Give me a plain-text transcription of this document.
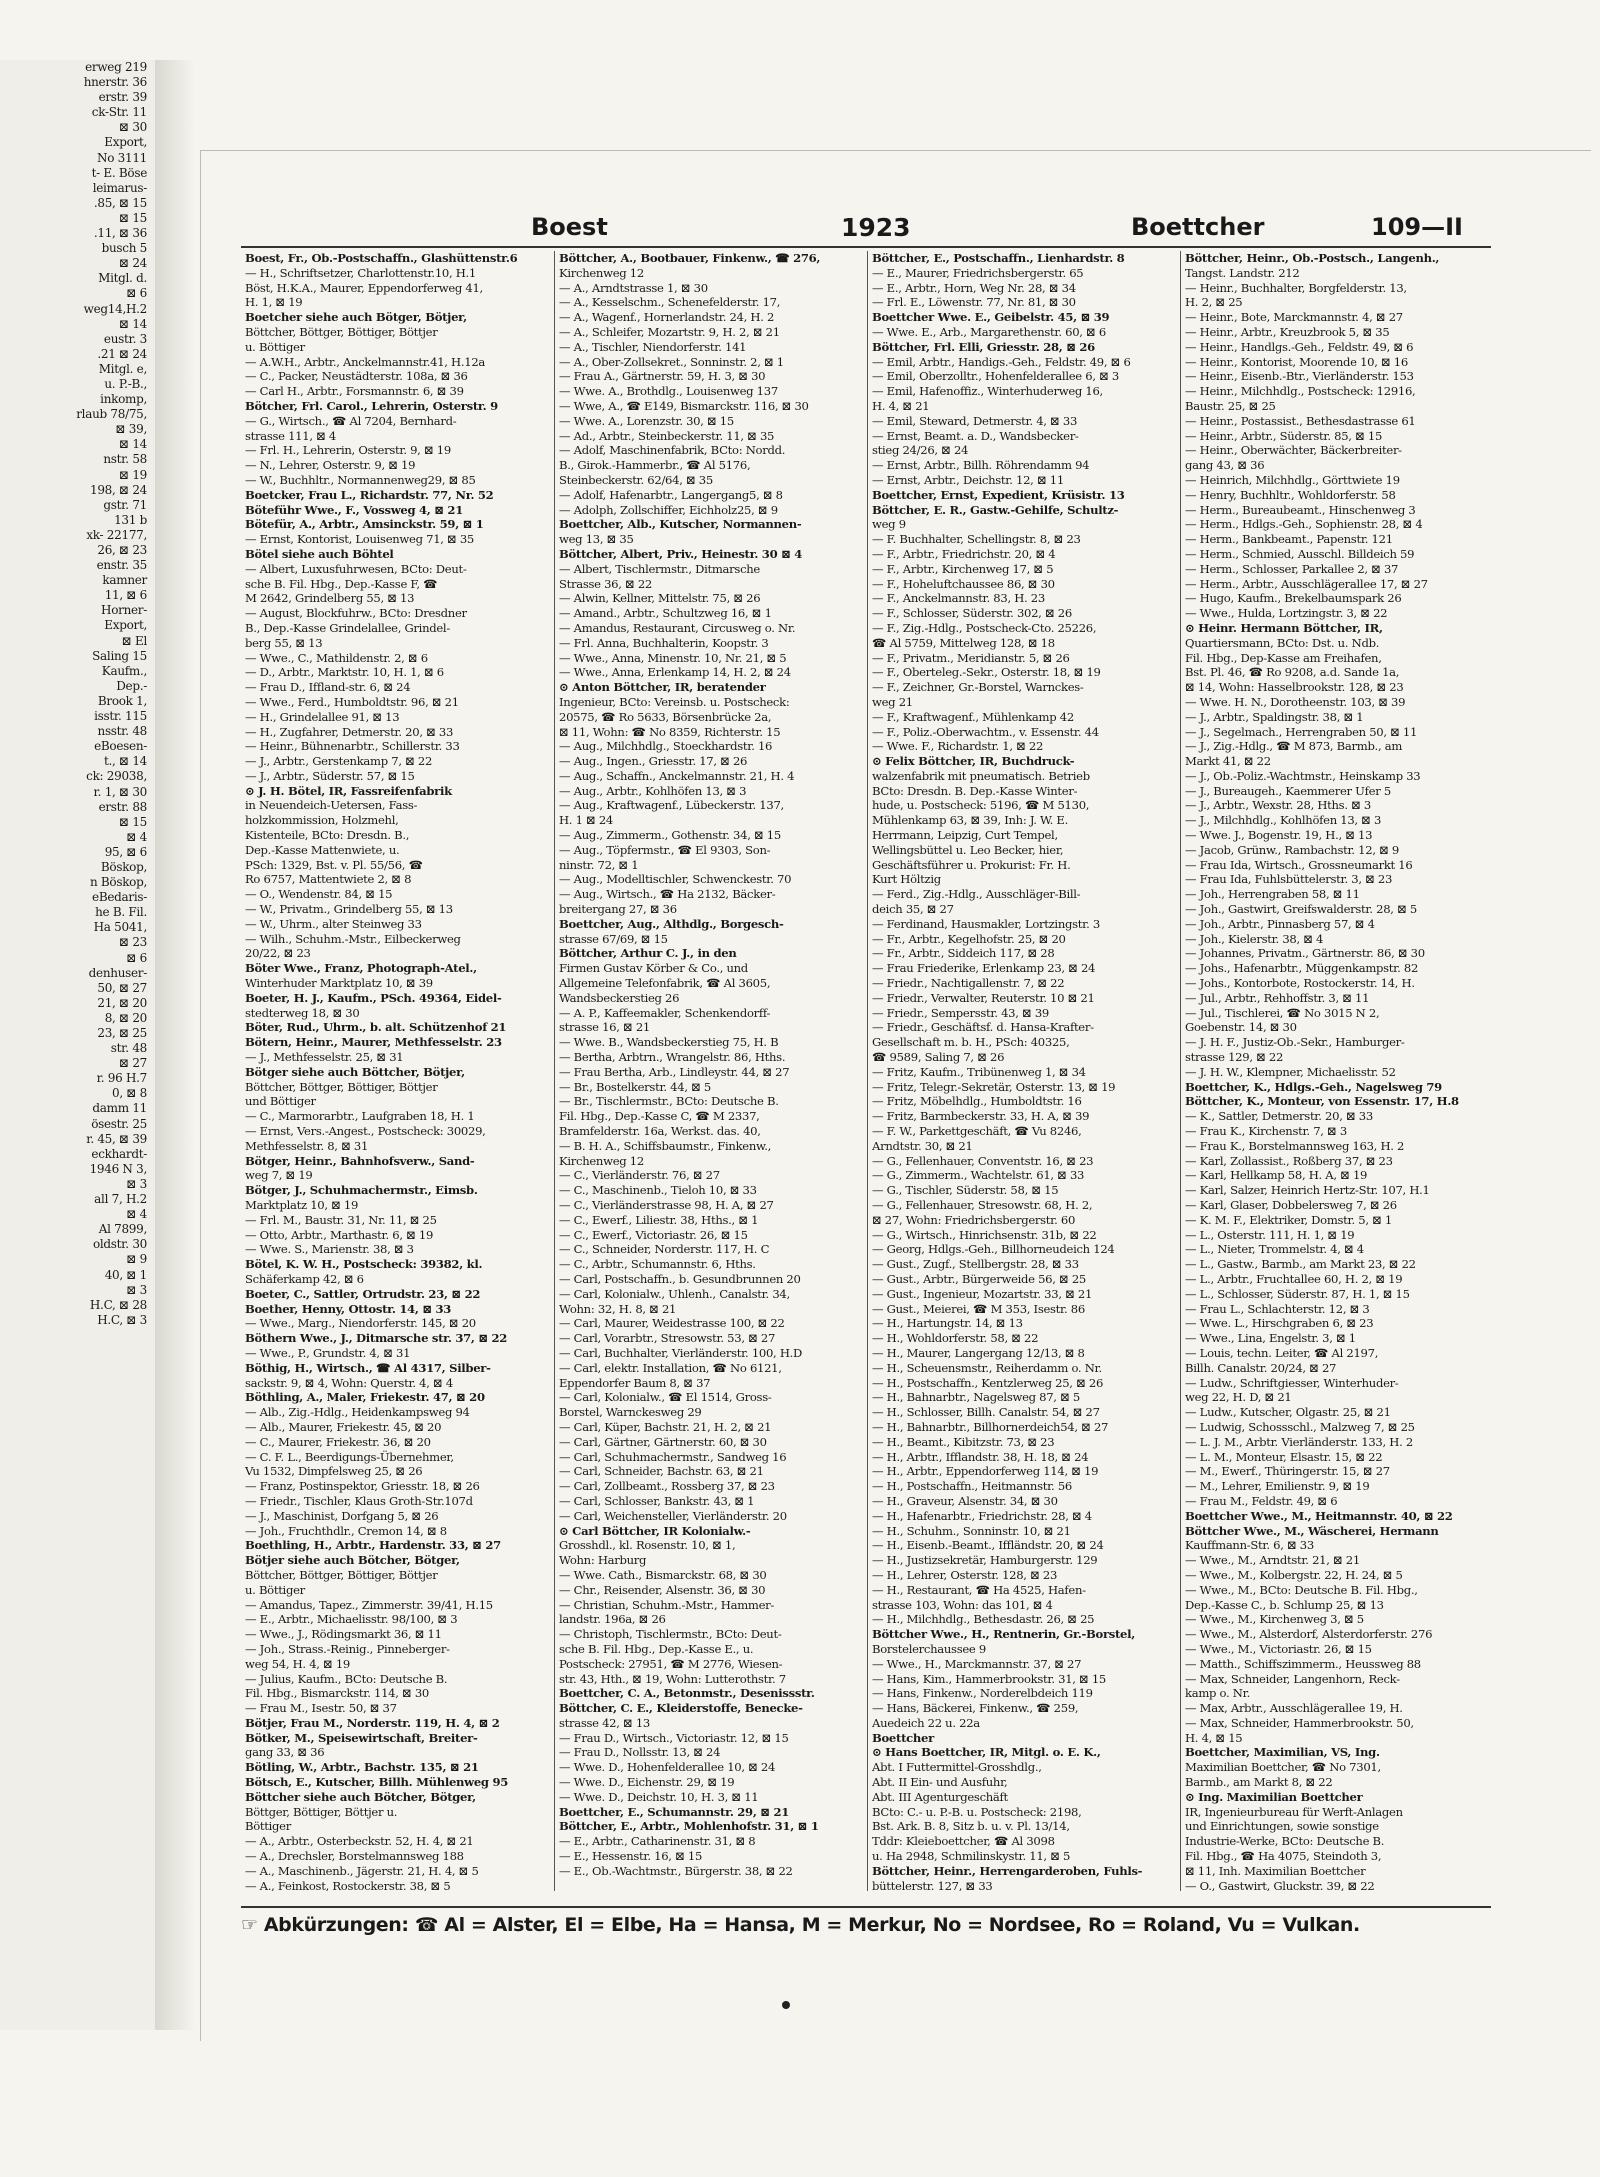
erweg 219
hnerstr. 36
erstr. 39
ck-Str. 11
⊠ 30
Export,
No 3111
t- E. Böse
leimarus-
.85, ⊠ 15
⊠ 15
.11, ⊠ 36
busch 5
⊠ 24
Mitgl. d.
⊠ 6
weg14,H.2
⊠ 14
eustr. 3
.21 ⊠ 24
Mitgl. e,
u. P.-B.,
inkomp,
rlaub 78/75,
⊠ 39,
⊠ 14
nstr. 58
⊠ 19
198, ⊠ 24
gstr. 71
131 b
xk- 22177,
26, ⊠ 23
enstr. 35
kamner
11, ⊠ 6
Horner-
Export,
⊠ El
Saling 15
Kaufm.,
Dep.-
Brook 1,
isstr. 115
nsstr. 48
eBoesen-
t., ⊠ 14
ck: 29038,
r. 1, ⊠ 30
erstr. 88
⊠ 15
⊠ 4
95, ⊠ 6
Böskop,
n Böskop,
eBedaris-
he B. Fil.
Ha 5041,
⊠ 23
⊠ 6
denhuser-
50, ⊠ 27
21, ⊠ 20
8, ⊠ 20
23, ⊠ 25
str. 48
⊠ 27
r. 96 H.7
0, ⊠ 8
damm 11
ösestr. 25
r. 45, ⊠ 39
eckhardt-
1946 N 3,
⊠ 3
all 7, H.2
⊠ 4
Al 7899,
oldstr. 30
⊠ 9
40, ⊠ 1
⊠ 3
H.C, ⊠ 28
H.C, ⊠ 3
Boest	1923	Boettcher	109—II
Boest, Fr., Ob.-Postschaffn., Glashüttenstr.6
— H., Schriftsetzer, Charlottenstr.10, H.1
Böst, H.K.A., Maurer, Eppendorferweg 41,
H. 1, ⊠ 19
Boetcher siehe auch Bötger, Bötjer,
Böttcher, Böttger, Böttiger, Böttjer
u. Böttiger
— A.W.H., Arbtr., Anckelmannstr.41, H.12a
— C., Packer, Neustädterstr. 108a, ⊠ 36
— Carl H., Arbtr., Forsmannstr. 6, ⊠ 39
Bötcher, Frl. Carol., Lehrerin, Osterstr. 9
— G., Wirtsch., ☎ Al 7204, Bernhard-
strasse 111, ⊠ 4
— Frl. H., Lehrerin, Osterstr. 9, ⊠ 19
— N., Lehrer, Osterstr. 9, ⊠ 19
— W., Buchhltr., Normannenweg29, ⊠ 85
Boetcker, Frau L., Richardstr. 77, Nr. 52
Böteführ Wwe., F., Vossweg 4, ⊠ 21
Bötefür, A., Arbtr., Amsinckstr. 59, ⊠ 1
— Ernst, Kontorist, Louisenweg 71, ⊠ 35
Bötel siehe auch Böhtel
— Albert, Luxusfuhrwesen, BCto: Deut-
sche B. Fil. Hbg., Dep.-Kasse F, ☎
M 2642, Grindelberg 55, ⊠ 13
— August, Blockfuhrw., BCto: Dresdner
B., Dep.-Kasse Grindelallee, Grindel-
berg 55, ⊠ 13
— Wwe., C., Mathildenstr. 2, ⊠ 6
— D., Arbtr., Marktstr. 10, H. 1, ⊠ 6
— Frau D., Iffland-str. 6, ⊠ 24
— Wwe., Ferd., Humboldtstr. 96, ⊠ 21
— H., Grindelallee 91, ⊠ 13
— H., Zugfahrer, Detmerstr. 20, ⊠ 33
— Heinr., Bühnenarbtr., Schillerstr. 33
— J., Arbtr., Gerstenkamp 7, ⊠ 22
— J., Arbtr., Süderstr. 57, ⊠ 15
⊙ J. H. Bötel, IR, Fassreifenfabrik
in Neuendeich-Uetersen, Fass-
holzkommission, Holzmehl,
Kistenteile, BCto: Dresdn. B.,
Dep.-Kasse Mattenwiete, u.
PSch: 1329, Bst. v. Pl. 55/56, ☎
Ro 6757, Mattentwiete 2, ⊠ 8
— O., Wendenstr. 84, ⊠ 15
— W., Privatm., Grindelberg 55, ⊠ 13
— W., Uhrm., alter Steinweg 33
— Wilh., Schuhm.-Mstr., Eilbeckerweg
20/22, ⊠ 23
Böter Wwe., Franz, Photograph-Atel.,
Winterhuder Marktplatz 10, ⊠ 39
Boeter, H. J., Kaufm., PSch. 49364, Eidel-
stedterweg 18, ⊠ 30
Böter, Rud., Uhrm., b. alt. Schützenhof 21
Bötern, Heinr., Maurer, Methfesselstr. 23
— J., Methfesselstr. 25, ⊠ 31
Bötger siehe auch Böttcher, Bötjer,
Böttcher, Böttger, Böttiger, Böttjer
und Böttiger
— C., Marmorarbtr., Laufgraben 18, H. 1
— Ernst, Vers.-Angest., Postscheck: 30029,
Methfesselstr. 8, ⊠ 31
Bötger, Heinr., Bahnhofsverw., Sand-
weg 7, ⊠ 19
Bötger, J., Schuhmachermstr., Eimsb.
Marktplatz 10, ⊠ 19
— Frl. M., Baustr. 31, Nr. 11, ⊠ 25
— Otto, Arbtr., Marthastr. 6, ⊠ 19
— Wwe. S., Marienstr. 38, ⊠ 3
Bötel, K. W. H., Postscheck: 39382, kl.
Schäferkamp 42, ⊠ 6
Boeter, C., Sattler, Ortrudstr. 23, ⊠ 22
Boether, Henny, Ottostr. 14, ⊠ 33
— Wwe., Marg., Niendorferstr. 145, ⊠ 20
Böthern Wwe., J., Ditmarsche str. 37, ⊠ 22
— Wwe., P., Grundstr. 4, ⊠ 31
Böthig, H., Wirtsch., ☎ Al 4317, Silber-
sackstr. 9, ⊠ 4, Wohn: Querstr. 4, ⊠ 4
Böthling, A., Maler, Friekestr. 47, ⊠ 20
— Alb., Zig.-Hdlg., Heidenkampsweg 94
— Alb., Maurer, Friekestr. 45, ⊠ 20
— C., Maurer, Friekestr. 36, ⊠ 20
— C. F. L., Beerdigungs-Übernehmer,
Vu 1532, Dimpfelsweg 25, ⊠ 26
— Franz, Postinspektor, Griesstr. 18, ⊠ 26
— Friedr., Tischler, Klaus Groth-Str.107d
— J., Maschinist, Dorfgang 5, ⊠ 26
— Joh., Fruchthdlr., Cremon 14, ⊠ 8
Boethling, H., Arbtr., Hardenstr. 33, ⊠ 27
Bötjer siehe auch Bötcher, Bötger,
Böttcher, Böttger, Böttiger, Böttjer
u. Böttiger
— Amandus, Tapez., Zimmerstr. 39/41, H.15
— E., Arbtr., Michaelisstr. 98/100, ⊠ 3
— Wwe., J., Rödingsmarkt 36, ⊠ 11
— Joh., Strass.-Reinig., Pinneberger-
weg 54, H. 4, ⊠ 19
— Julius, Kaufm., BCto: Deutsche B.
Fil. Hbg., Bismarckstr. 114, ⊠ 30
— Frau M., Isestr. 50, ⊠ 37
Bötjer, Frau M., Norderstr. 119, H. 4, ⊠ 2
Bötker, M., Speisewirtschaft, Breiter-
gang 33, ⊠ 36
Bötling, W., Arbtr., Bachstr. 135, ⊠ 21
Bötsch, E., Kutscher, Billh. Mühlenweg 95
Böttcher siehe auch Bötcher, Bötger,
Böttger, Böttiger, Böttjer u.
Böttiger
— A., Arbtr., Osterbeckstr. 52, H. 4, ⊠ 21
— A., Drechsler, Borstelmannsweg 188
— A., Maschinenb., Jägerstr. 21, H. 4, ⊠ 5
— A., Feinkost, Rostockerstr. 38, ⊠ 5
Böttcher, A., Bootbauer, Finkenw., ☎ 276,
Kirchenweg 12
— A., Arndtstrasse 1, ⊠ 30
— A., Kesselschm., Schenefelderstr. 17,
— A., Wagenf., Hornerlandstr. 24, H. 2
— A., Schleifer, Mozartstr. 9, H. 2, ⊠ 21
— A., Tischler, Niendorferstr. 141
— A., Ober-Zollsekret., Sonninstr. 2, ⊠ 1
— Frau A., Gärtnerstr. 59, H. 3, ⊠ 30
— Wwe. A., Brothdlg., Louisenweg 137
— Wwe, A., ☎ E149, Bismarckstr. 116, ⊠ 30
— Wwe. A., Lorenzstr. 30, ⊠ 15
— Ad., Arbtr., Steinbeckerstr. 11, ⊠ 35
— Adolf, Maschinenfabrik, BCto: Nordd.
B., Girok.-Hammerbr., ☎ Al 5176,
Steinbeckerstr. 62/64, ⊠ 35
— Adolf, Hafenarbtr., Langergang5, ⊠ 8
— Adolph, Zollschiffer, Eichholz25, ⊠ 9
Boettcher, Alb., Kutscher, Normannen-
weg 13, ⊠ 35
Böttcher, Albert, Priv., Heinestr. 30 ⊠ 4
— Albert, Tischlermstr., Ditmarsche
Strasse 36, ⊠ 22
— Alwin, Kellner, Mittelstr. 75, ⊠ 26
— Amand., Arbtr., Schultzweg 16, ⊠ 1
— Amandus, Restaurant, Circusweg o. Nr.
— Frl. Anna, Buchhalterin, Koopstr. 3
— Wwe., Anna, Minenstr. 10, Nr. 21, ⊠ 5
— Wwe., Anna, Erlenkamp 14, H. 2, ⊠ 24
⊙ Anton Böttcher, IR, beratender
Ingenieur, BCto: Vereinsb. u. Postscheck:
20575, ☎ Ro 5633, Börsenbrücke 2a,
⊠ 11, Wohn: ☎ No 8359, Richterstr. 15
— Aug., Milchhdlg., Stoeckhardstr. 16
— Aug., Ingen., Griesstr. 17, ⊠ 26
— Aug., Schaffn., Anckelmannstr. 21, H. 4
— Aug., Arbtr., Kohlhöfen 13, ⊠ 3
— Aug., Kraftwagenf., Lübeckerstr. 137,
H. 1 ⊠ 24
— Aug., Zimmerm., Gothenstr. 34, ⊠ 15
— Aug., Töpfermstr., ☎ El 9303, Son-
ninstr. 72, ⊠ 1
— Aug., Modelltischler, Schwenckestr. 70
— Aug., Wirtsch., ☎ Ha 2132, Bäcker-
breitergang 27, ⊠ 36
Boettcher, Aug., Althdlg., Borgesch-
strasse 67/69, ⊠ 15
Böttcher, Arthur C. J., in den
Firmen Gustav Körber & Co., und
Allgemeine Telefonfabrik, ☎ Al 3605,
Wandsbeckerstieg 26
— A. P., Kaffeemakler, Schenkendorff-
strasse 16, ⊠ 21
— Wwe. B., Wandsbeckerstieg 75, H. B
— Bertha, Arbtrn., Wrangelstr. 86, Hths.
— Frau Bertha, Arb., Lindleystr. 44, ⊠ 27
— Br., Bostelkerstr. 44, ⊠ 5
— Br., Tischlermstr., BCto: Deutsche B.
Fil. Hbg., Dep.-Kasse C, ☎ M 2337,
Bramfelderstr. 16a, Werkst. das. 40,
— B. H. A., Schiffsbaumstr., Finkenw.,
Kirchenweg 12
— C., Vierländerstr. 76, ⊠ 27
— C., Maschinenb., Tieloh 10, ⊠ 33
— C., Vierländerstrasse 98, H. A, ⊠ 27
— C., Ewerf., Liliestr. 38, Hths., ⊠ 1
— C., Ewerf., Victoriastr. 26, ⊠ 15
— C., Schneider, Norderstr. 117, H. C
— C., Arbtr., Schumannstr. 6, Hths.
— Carl, Postschaffn., b. Gesundbrunnen 20
— Carl, Kolonialw., Uhlenh., Canalstr. 34,
Wohn: 32, H. 8, ⊠ 21
— Carl, Maurer, Weidestrasse 100, ⊠ 22
— Carl, Vorarbtr., Stresowstr. 53, ⊠ 27
— Carl, Buchhalter, Vierländerstr. 100, H.D
— Carl, elektr. Installation, ☎ No 6121,
Eppendorfer Baum 8, ⊠ 37
— Carl, Kolonialw., ☎ El 1514, Gross-
Borstel, Warnckesweg 29
— Carl, Küper, Bachstr. 21, H. 2, ⊠ 21
— Carl, Gärtner, Gärtnerstr. 60, ⊠ 30
— Carl, Schuhmachermstr., Sandweg 16
— Carl, Schneider, Bachstr. 63, ⊠ 21
— Carl, Zollbeamt., Rossberg 37, ⊠ 23
— Carl, Schlosser, Bankstr. 43, ⊠ 1
— Carl, Weichensteller, Vierländerstr. 20
⊙ Carl Böttcher, IR Kolonialw.-
Grosshdl., kl. Rosenstr. 10, ⊠ 1,
Wohn: Harburg
— Wwe. Cath., Bismarckstr. 68, ⊠ 30
— Chr., Reisender, Alsenstr. 36, ⊠ 30
— Christian, Schuhm.-Mstr., Hammer-
landstr. 196a, ⊠ 26
— Christoph, Tischlermstr., BCto: Deut-
sche B. Fil. Hbg., Dep.-Kasse E., u.
Postscheck: 27951, ☎ M 2776, Wiesen-
str. 43, Hth., ⊠ 19, Wohn: Lutterothstr. 7
Boettcher, C. A., Betonmstr., Desenissstr.
Böttcher, C. E., Kleiderstoffe, Benecke-
strasse 42, ⊠ 13
— Frau D., Wirtsch., Victoriastr. 12, ⊠ 15
— Frau D., Nollsstr. 13, ⊠ 24
— Wwe. D., Hohenfelderallee 10, ⊠ 24
— Wwe. D., Eichenstr. 29, ⊠ 19
— Wwe. D., Deichstr. 10, H. 3, ⊠ 11
Boettcher, E., Schumannstr. 29, ⊠ 21
Böttcher, E., Arbtr., Mohlenhofstr. 31, ⊠ 1
— E., Arbtr., Catharinenstr. 31, ⊠ 8
— E., Hessenstr. 16, ⊠ 15
— E., Ob.-Wachtmstr., Bürgerstr. 38, ⊠ 22
Böttcher, E., Postschaffn., Lienhardstr. 8
— E., Maurer, Friedrichsbergerstr. 65
— E., Arbtr., Horn, Weg Nr. 28, ⊠ 34
— Frl. E., Löwenstr. 77, Nr. 81, ⊠ 30
Boettcher Wwe. E., Geibelstr. 45, ⊠ 39
— Wwe. E., Arb., Margarethenstr. 60, ⊠ 6
Böttcher, Frl. Elli, Griesstr. 28, ⊠ 26
— Emil, Arbtr., Handigs.-Geh., Feldstr. 49, ⊠ 6
— Emil, Oberzolltr., Hohenfelderallee 6, ⊠ 3
— Emil, Hafenoffiz., Winterhuderweg 16,
H. 4, ⊠ 21
— Emil, Steward, Detmerstr. 4, ⊠ 33
— Ernst, Beamt. a. D., Wandsbecker-
stieg 24/26, ⊠ 24
— Ernst, Arbtr., Billh. Röhrendamm 94
— Ernst, Arbtr., Deichstr. 12, ⊠ 11
Boettcher, Ernst, Expedient, Krüsistr. 13
Böttcher, E. R., Gastw.-Gehilfe, Schultz-
weg 9
— F. Buchhalter, Schellingstr. 8, ⊠ 23
— F., Arbtr., Friedrichstr. 20, ⊠ 4
— F., Arbtr., Kirchenweg 17, ⊠ 5
— F., Hoheluftchaussee 86, ⊠ 30
— F., Anckelmannstr. 83, H. 23
— F., Schlosser, Süderstr. 302, ⊠ 26
— F., Zig.-Hdlg., Postscheck-Cto. 25226,
☎ Al 5759, Mittelweg 128, ⊠ 18
— F., Privatm., Meridianstr. 5, ⊠ 26
— F., Oberteleg.-Sekr., Osterstr. 18, ⊠ 19
— F., Zeichner, Gr.-Borstel, Warnckes-
weg 21
— F., Kraftwagenf., Mühlenkamp 42
— F., Poliz.-Oberwachtm., v. Essenstr. 44
— Wwe. F., Richardstr. 1, ⊠ 22
⊙ Felix Böttcher, IR, Buchdruck-
walzenfabrik mit pneumatisch. Betrieb
BCto: Dresdn. B. Dep.-Kasse Winter-
hude, u. Postscheck: 5196, ☎ M 5130,
Mühlenkamp 63, ⊠ 39, Inh: J. W. E.
Herrmann, Leipzig, Curt Tempel,
Wellingsbüttel u. Leo Becker, hier,
Geschäftsführer u. Prokurist: Fr. H.
Kurt Höltzig
— Ferd., Zig.-Hdlg., Ausschläger-Bill-
deich 35, ⊠ 27
— Ferdinand, Hausmakler, Lortzingstr. 3
— Fr., Arbtr., Kegelhofstr. 25, ⊠ 20
— Fr., Arbtr., Siddeich 117, ⊠ 28
— Frau Friederike, Erlenkamp 23, ⊠ 24
— Friedr., Nachtigallenstr. 7, ⊠ 22
— Friedr., Verwalter, Reuterstr. 10 ⊠ 21
— Friedr., Sempersstr. 43, ⊠ 39
— Friedr., Geschäftsf. d. Hansa-Krafter-
Gesellschaft m. b. H., PSch: 40325,
☎ 9589, Saling 7, ⊠ 26
— Fritz, Kaufm., Tribünenweg 1, ⊠ 34
— Fritz, Telegr.-Sekretär, Osterstr. 13, ⊠ 19
— Fritz, Möbelhdlg., Humboldtstr. 16
— Fritz, Barmbeckerstr. 33, H. A, ⊠ 39
— F. W., Parkettgeschäft, ☎ Vu 8246,
Arndtstr. 30, ⊠ 21
— G., Fellenhauer, Conventstr. 16, ⊠ 23
— G., Zimmerm., Wachtelstr. 61, ⊠ 33
— G., Tischler, Süderstr. 58, ⊠ 15
— G., Fellenhauer, Stresowstr. 68, H. 2,
⊠ 27, Wohn: Friedrichsbergerstr. 60
— G., Wirtsch., Hinrichsenstr. 31b, ⊠ 22
— Georg, Hdlgs.-Geh., Billhorneudeich 124
— Gust., Zugf., Stellbergstr. 28, ⊠ 33
— Gust., Arbtr., Bürgerweide 56, ⊠ 25
— Gust., Ingenieur, Mozartstr. 33, ⊠ 21
— Gust., Meierei, ☎ M 353, Isestr. 86
— H., Hartungstr. 14, ⊠ 13
— H., Wohldorferstr. 58, ⊠ 22
— H., Maurer, Langergang 12/13, ⊠ 8
— H., Scheuensmstr., Reiherdamm o. Nr.
— H., Postschaffn., Kentzlerweg 25, ⊠ 26
— H., Bahnarbtr., Nagelsweg 87, ⊠ 5
— H., Schlosser, Billh. Canalstr. 54, ⊠ 27
— H., Bahnarbtr., Billhornerdeich54, ⊠ 27
— H., Beamt., Kibitzstr. 73, ⊠ 23
— H., Arbtr., Ifflandstr. 38, H. 18, ⊠ 24
— H., Arbtr., Eppendorferweg 114, ⊠ 19
— H., Postschaffn., Heitmannstr. 56
— H., Graveur, Alsenstr. 34, ⊠ 30
— H., Hafenarbtr., Friedrichstr. 28, ⊠ 4
— H., Schuhm., Sonninstr. 10, ⊠ 21
— H., Eisenb.-Beamt., Iffländstr. 20, ⊠ 24
— H., Justizsekretär, Hamburgerstr. 129
— H., Lehrer, Osterstr. 128, ⊠ 23
— H., Restaurant, ☎ Ha 4525, Hafen-
strasse 103, Wohn: das 101, ⊠ 4
— H., Milchhdlg., Bethesdastr. 26, ⊠ 25
Böttcher Wwe., H., Rentnerin, Gr.-Borstel,
Borstelerchaussee 9
— Wwe., H., Marckmannstr. 37, ⊠ 27
— Hans, Kim., Hammerbrookstr. 31, ⊠ 15
— Hans, Finkenw., Norderelbdeich 119
— Hans, Bäckerei, Finkenw., ☎ 259,
Auedeich 22 u. 22a
Boettcher
⊙ Hans Boettcher, IR, Mitgl. o. E. K.,
Abt. I Futtermittel-Grosshdlg.,
Abt. II Ein- und Ausfuhr,
Abt. III Agenturgeschäft
BCto: C.- u. P.-B. u. Postscheck: 2198,
Bst. Ark. B. 8, Sitz b. u. v. Pl. 13/14,
Tddr: Kleieboettcher, ☎ Al 3098
u. Ha 2948, Schmilinskystr. 11, ⊠ 5
Böttcher, Heinr., Herrengarderoben, Fuhls-
büttelerstr. 127, ⊠ 33
Böttcher, Heinr., Ob.-Postsch., Langenh.,
Tangst. Landstr. 212
— Heinr., Buchhalter, Borgfelderstr. 13,
H. 2, ⊠ 25
— Heinr., Bote, Marckmannstr. 4, ⊠ 27
— Heinr., Arbtr., Kreuzbrook 5, ⊠ 35
— Heinr., Handlgs.-Geh., Feldstr. 49, ⊠ 6
— Heinr., Kontorist, Moorende 10, ⊠ 16
— Heinr., Eisenb.-Btr., Vierländerstr. 153
— Heinr., Milchhdlg., Postscheck: 12916,
Baustr. 25, ⊠ 25
— Heinr., Postassist., Bethesdastrasse 61
— Heinr., Arbtr., Süderstr. 85, ⊠ 15
— Heinr., Oberwächter, Bäckerbreiter-
gang 43, ⊠ 36
— Heinrich, Milchhdlg., Görttwiete 19
— Henry, Buchhltr., Wohldorferstr. 58
— Herm., Bureaubeamt., Hinschenweg 3
— Herm., Hdlgs.-Geh., Sophienstr. 28, ⊠ 4
— Herm., Bankbeamt., Papenstr. 121
— Herm., Schmied, Ausschl. Billdeich 59
— Herm., Schlosser, Parkallee 2, ⊠ 37
— Herm., Arbtr., Ausschlägerallee 17, ⊠ 27
— Hugo, Kaufm., Brekelbaumspark 26
— Wwe., Hulda, Lortzingstr. 3, ⊠ 22
⊙ Heinr. Hermann Böttcher, IR,
Quartiersmann, BCto: Dst. u. Ndb.
Fil. Hbg., Dep-Kasse am Freihafen,
Bst. Pl. 46, ☎ Ro 9208, a.d. Sande 1a,
⊠ 14, Wohn: Hasselbrookstr. 128, ⊠ 23
— Wwe. H. N., Dorotheenstr. 103, ⊠ 39
— J., Arbtr., Spaldingstr. 38, ⊠ 1
— J., Segelmach., Herrengraben 50, ⊠ 11
— J., Zig.-Hdlg., ☎ M 873, Barmb., am
Markt 41, ⊠ 22
— J., Ob.-Poliz.-Wachtmstr., Heinskamp 33
— J., Bureaugeh., Kaemmerer Ufer 5
— J., Arbtr., Wexstr. 28, Hths. ⊠ 3
— J., Milchhdlg., Kohlhöfen 13, ⊠ 3
— Wwe. J., Bogenstr. 19, H., ⊠ 13
— Jacob, Grünw., Rambachstr. 12, ⊠ 9
— Frau Ida, Wirtsch., Grossneumarkt 16
— Frau Ida, Fuhlsbüttelerstr. 3, ⊠ 23
— Joh., Herrengraben 58, ⊠ 11
— Joh., Gastwirt, Greifswalderstr. 28, ⊠ 5
— Joh., Arbtr., Pinnasberg 57, ⊠ 4
— Joh., Kielerstr. 38, ⊠ 4
— Johannes, Privatm., Gärtnerstr. 86, ⊠ 30
— Johs., Hafenarbtr., Müggenkampstr. 82
— Johs., Kontorbote, Rostockerstr. 14, H.
— Jul., Arbtr., Rehhoffstr. 3, ⊠ 11
— Jul., Tischlerei, ☎ No 3015 N 2,
Goebenstr. 14, ⊠ 30
— J. H. F., Justiz-Ob.-Sekr., Hamburger-
strasse 129, ⊠ 22
— J. H. W., Klempner, Michaelisstr. 52
Boettcher, K., Hdlgs.-Geh., Nagelsweg 79
Böttcher, K., Monteur, von Essenstr. 17, H.8
— K., Sattler, Detmerstr. 20, ⊠ 33
— Frau K., Kirchenstr. 7, ⊠ 3
— Frau K., Borstelmannsweg 163, H. 2
— Karl, Zollassist., Roßberg 37, ⊠ 23
— Karl, Hellkamp 58, H. A, ⊠ 19
— Karl, Salzer, Heinrich Hertz-Str. 107, H.1
— Karl, Glaser, Dobbelersweg 7, ⊠ 26
— K. M. F., Elektriker, Domstr. 5, ⊠ 1
— L., Osterstr. 111, H. 1, ⊠ 19
— L., Nieter, Trommelstr. 4, ⊠ 4
— L., Gastw., Barmb., am Markt 23, ⊠ 22
— L., Arbtr., Fruchtallee 60, H. 2, ⊠ 19
— L., Schlosser, Süderstr. 87, H. 1, ⊠ 15
— Frau L., Schlachterstr. 12, ⊠ 3
— Wwe. L., Hirschgraben 6, ⊠ 23
— Wwe., Lina, Engelstr. 3, ⊠ 1
— Louis, techn. Leiter, ☎ Al 2197,
Billh. Canalstr. 20/24, ⊠ 27
— Ludw., Schriftgiesser, Winterhuder-
weg 22, H. D, ⊠ 21
— Ludw., Kutscher, Olgastr. 25, ⊠ 21
— Ludwig, Schossschl., Malzweg 7, ⊠ 25
— L. J. M., Arbtr. Vierländerstr. 133, H. 2
— L. M., Monteur, Elsastr. 15, ⊠ 22
— M., Ewerf., Thüringerstr. 15, ⊠ 27
— M., Lehrer, Emilienstr. 9, ⊠ 19
— Frau M., Feldstr. 49, ⊠ 6
Boettcher Wwe., M., Heitmannstr. 40, ⊠ 22
Böttcher Wwe., M., Wäscherei, Hermann
Kauffmann-Str. 6, ⊠ 33
— Wwe., M., Arndtstr. 21, ⊠ 21
— Wwe., M., Kolbergstr. 22, H. 24, ⊠ 5
— Wwe., M., BCto: Deutsche B. Fil. Hbg.,
Dep.-Kasse C., b. Schlump 25, ⊠ 13
— Wwe., M., Kirchenweg 3, ⊠ 5
— Wwe., M., Alsterdorf, Alsterdorferstr. 276
— Wwe., M., Victoriastr. 26, ⊠ 15
— Matth., Schiffszimmerm., Heussweg 88
— Max, Schneider, Langenhorn, Reck-
kamp o. Nr.
— Max, Arbtr., Ausschlägerallee 19, H.
— Max, Schneider, Hammerbrookstr. 50,
H. 4, ⊠ 15
Boettcher, Maximilian, VS, Ing.
Maximilian Boettcher, ☎ No 7301,
Barmb., am Markt 8, ⊠ 22
⊙ Ing. Maximilian Boettcher
IR, Ingenieurbureau für Werft-Anlagen
und Einrichtungen, sowie sonstige
Industrie-Werke, BCto: Deutsche B.
Fil. Hbg., ☎ Ha 4075, Steindoth 3,
⊠ 11, Inh. Maximilian Boettcher
— O., Gastwirt, Gluckstr. 39, ⊠ 22
☞ Abkürzungen: ☎ Al = Alster, El = Elbe, Ha = Hansa, M = Merkur, No = Nordsee, Ro = Roland, Vu = Vulkan.
